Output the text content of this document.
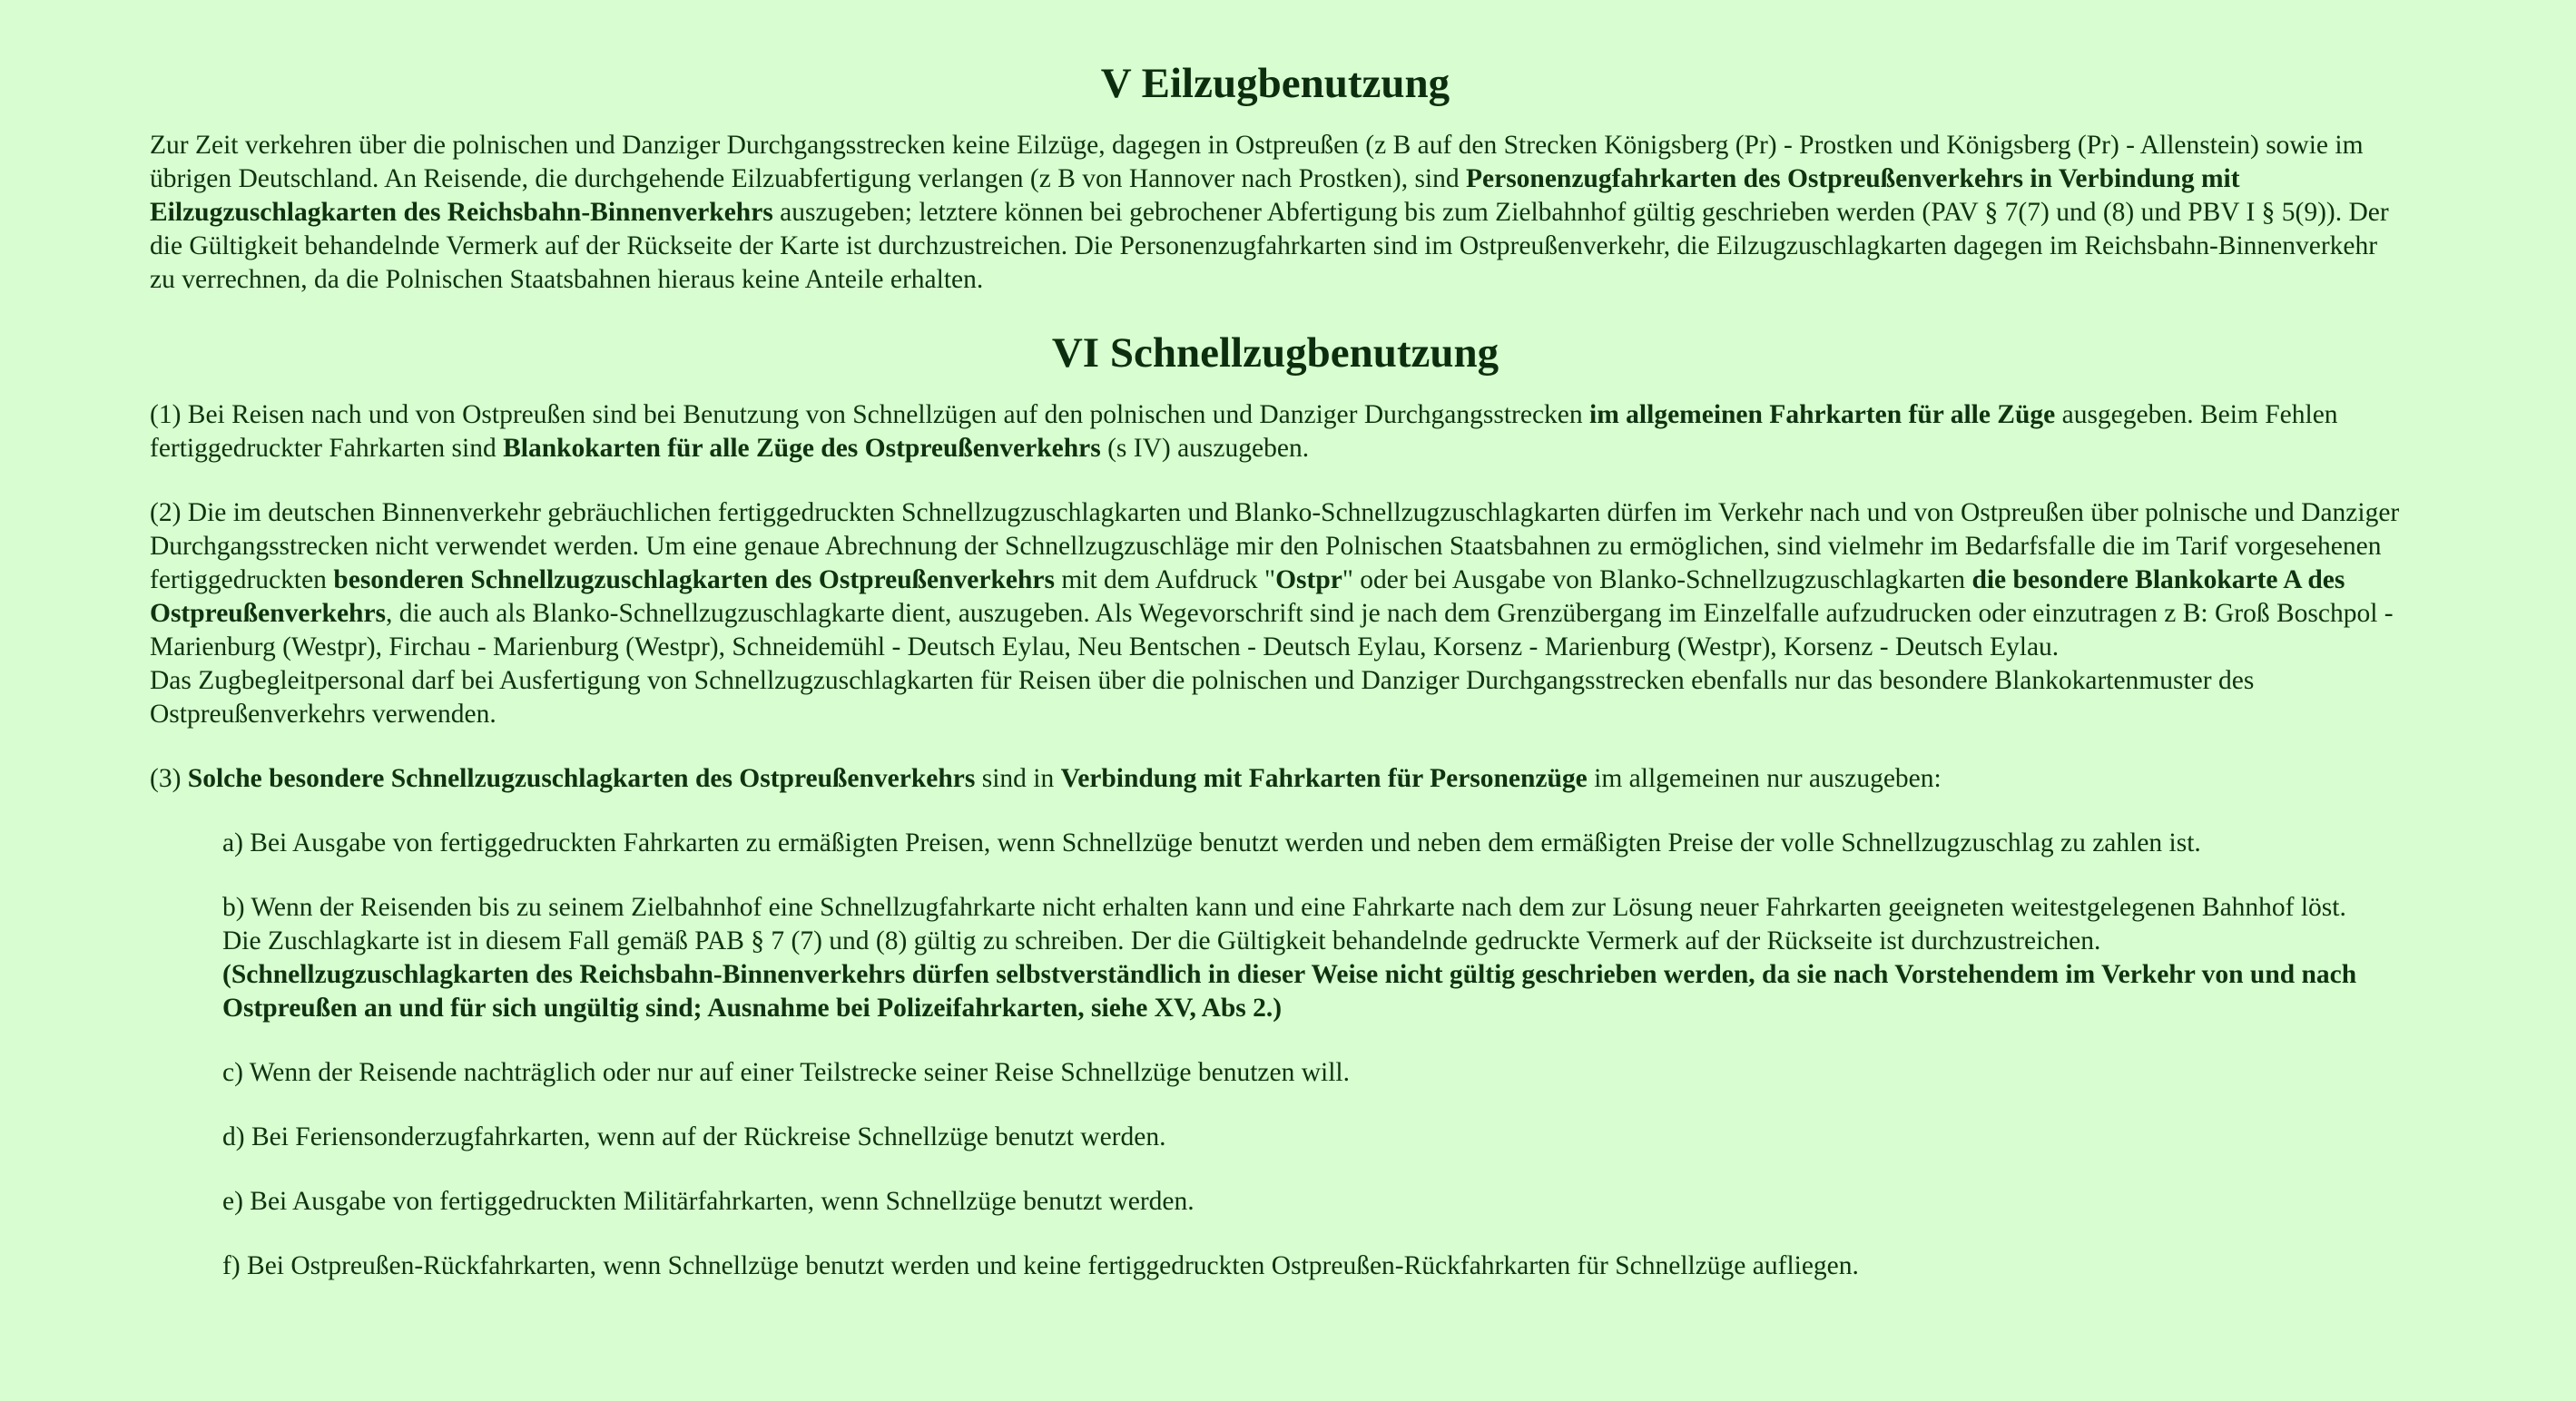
V Eilzugbenutzung

Zur Zeit verkehren über die polnischen und Danziger Durchgangsstrecken keine Eilzüge, dagegen in Ostpreußen (z B auf den Strecken Königsberg (Pr) - Prostken und Königsberg (Pr) - Allenstein) sowie im übrigen Deutschland. An Reisende, die durchgehende Eilzuabfertigung verlangen (z B von Hannover nach Prostken), sind Personenzugfahrkarten des Ostpreußenverkehrs in Verbindung mit Eilzugzuschlagkarten des Reichsbahn-Binnenverkehrs auszugeben; letztere können bei gebrochener Abfertigung bis zum Zielbahnhof gültig geschrieben werden (PAV § 7(7) und (8) und PBV I § 5(9)). Der die Gültigkeit behandelnde Vermerk auf der Rückseite der Karte ist durchzustreichen. Die Personenzugfahrkarten sind im Ostpreußenverkehr, die Eilzugzuschlagkarten dagegen im Reichsbahn-Binnenverkehr zu verrechnen, da die Polnischen Staatsbahnen hieraus keine Anteile erhalten.

VI Schnellzugbenutzung

(1) Bei Reisen nach und von Ostpreußen sind bei Benutzung von Schnellzügen auf den polnischen und Danziger Durchgangsstrecken im allgemeinen Fahrkarten für alle Züge ausgegeben. Beim Fehlen fertiggedruckter Fahrkarten sind Blankokarten für alle Züge des Ostpreußenverkehrs (s IV) auszugeben.

(2) Die im deutschen Binnenverkehr gebräuchlichen fertiggedruckten Schnellzugzuschlagkarten und Blanko-Schnellzugzuschlagkarten dürfen im Verkehr nach und von Ostpreußen über polnische und Danziger Durchgangsstrecken nicht verwendet werden. Um eine genaue Abrechnung der Schnellzugzuschläge mir den Polnischen Staatsbahnen zu ermöglichen, sind vielmehr im Bedarfsfalle die im Tarif vorgesehenen fertiggedruckten besonderen Schnellzugzuschlagkarten des Ostpreußenverkehrs mit dem Aufdruck "Ostpr" oder bei Ausgabe von Blanko-Schnellzugzuschlagkarten die besondere Blankokarte A des Ostpreußenverkehrs, die auch als Blanko-Schnellzugzuschlagkarte dient, auszugeben. Als Wegevorschrift sind je nach dem Grenzübergang im Einzelfalle aufzudrucken oder einzutragen z B: Groß Boschpol - Marienburg (Westpr), Firchau - Marienburg (Westpr), Schneidemühl - Deutsch Eylau, Neu Bentschen - Deutsch Eylau, Korsenz - Marienburg (Westpr), Korsenz - Deutsch Eylau.

Das Zugbegleitpersonal darf bei Ausfertigung von Schnellzugzuschlagkarten für Reisen über die polnischen und Danziger Durchgangsstrecken ebenfalls nur das besondere Blankokartenmuster des Ostpreußenverkehrs verwenden.

(3) Solche besondere Schnellzugzuschlagkarten des Ostpreußenverkehrs sind in Verbindung mit Fahrkarten für Personenzüge im allgemeinen nur auszugeben:

a) Bei Ausgabe von fertiggedruckten Fahrkarten zu ermäßigten Preisen, wenn Schnellzüge benutzt werden und neben dem ermäßigten Preise der volle Schnellzugzuschlag zu zahlen ist.

b) Wenn der Reisenden bis zu seinem Zielbahnhof eine Schnellzugfahrkarte nicht erhalten kann und eine Fahrkarte nach dem zur Lösung neuer Fahrkarten geeigneten weitestgelegenen Bahnhof löst. Die Zuschlagkarte ist in diesem Fall gemäß PAB § 7 (7) und (8) gültig zu schreiben. Der die Gültigkeit behandelnde gedruckte Vermerk auf der Rückseite ist durchzustreichen. (Schnellzugzuschlagkarten des Reichsbahn-Binnenverkehrs dürfen selbstverständlich in dieser Weise nicht gültig geschrieben werden, da sie nach Vorstehendem im Verkehr von und nach Ostpreußen an und für sich ungültig sind; Ausnahme bei Polizeifahrkarten, siehe XV, Abs 2.)

c) Wenn der Reisende nachträglich oder nur auf einer Teilstrecke seiner Reise Schnellzüge benutzen will.

d) Bei Feriensonderzugfahrkarten, wenn auf der Rückreise Schnellzüge benutzt werden.

e) Bei Ausgabe von fertiggedruckten Militärfahrkarten, wenn Schnellzüge benutzt werden.

f) Bei Ostpreußen-Rückfahrkarten, wenn Schnellzüge benutzt werden und keine fertiggedruckten Ostpreußen-Rückfahrkarten für Schnellzüge aufliegen.
